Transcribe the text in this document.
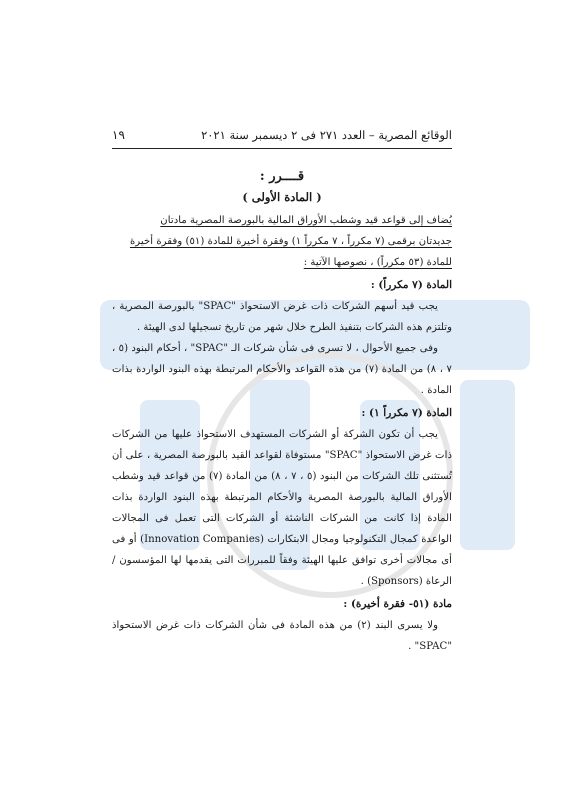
الوقائع المصرية – العدد ٢٧١ فى ٢ ديسمبر سنة ٢٠٢١
١٩
قــــرر :
( المادة الأولى )

يُضاف إلى قواعد قيد وشطب الأوراق المالية بالبورصة المصرية مادتان

جديدتان برقمى (٧ مكرراً ، ٧ مكرراً ١) وفقرة أخيرة للمادة (٥١) وفقرة أخيرة

للمادة (٥٣ مكرراً) ، نصوصها الآتية :

المادة (٧ مكرراً) :

يجب قيد أسهم الشركات ذات غرض الاستحواذ "SPAC" بالبورصة المصرية ، وتلتزم هذه الشركات بتنفيذ الطرح خلال شهر من تاريخ تسجيلها لدى الهيئة .

وفى جميع الأحوال ، لا تسرى فى شأن شركات الـ "SPAC" ، أحكام البنود (٥ ، ٧ ، ٨) من المادة (٧) من هذه القواعد والأحكام المرتبطة بهذه البنود الواردة بذات المادة .

المادة (٧ مكرراً ١) :

يجب أن تكون الشركة أو الشركات المستهدف الاستحواذ عليها من الشركات ذات غرض الاستحواذ "SPAC" مستوفاة لقواعد القيد بالبورصة المصرية ، على أن تُستثنى تلك الشركات من البنود (٥ ، ٧ ، ٨) من المادة (٧) من قواعد قيد وشطب الأوراق المالية بالبورصة المصرية والأحكام المرتبطة بهذه البنود الواردة بذات المادة إذا كانت من الشركات الناشئة أو الشركات التى تعمل فى المجالات الواعدة كمجال التكنولوجيا ومجال الابتكارات (Innovation Companies) أو فى أى مجالات أخرى توافق عليها الهيئة وفقاً للمبررات التى يقدمها لها المؤسسون / الرعاة (Sponsors) .

مادة (٥١- فقرة أخيرة) :

ولا يسرى البند (٢) من هذه المادة فى شأن الشركات ذات غرض الاستحواذ "SPAC" .
